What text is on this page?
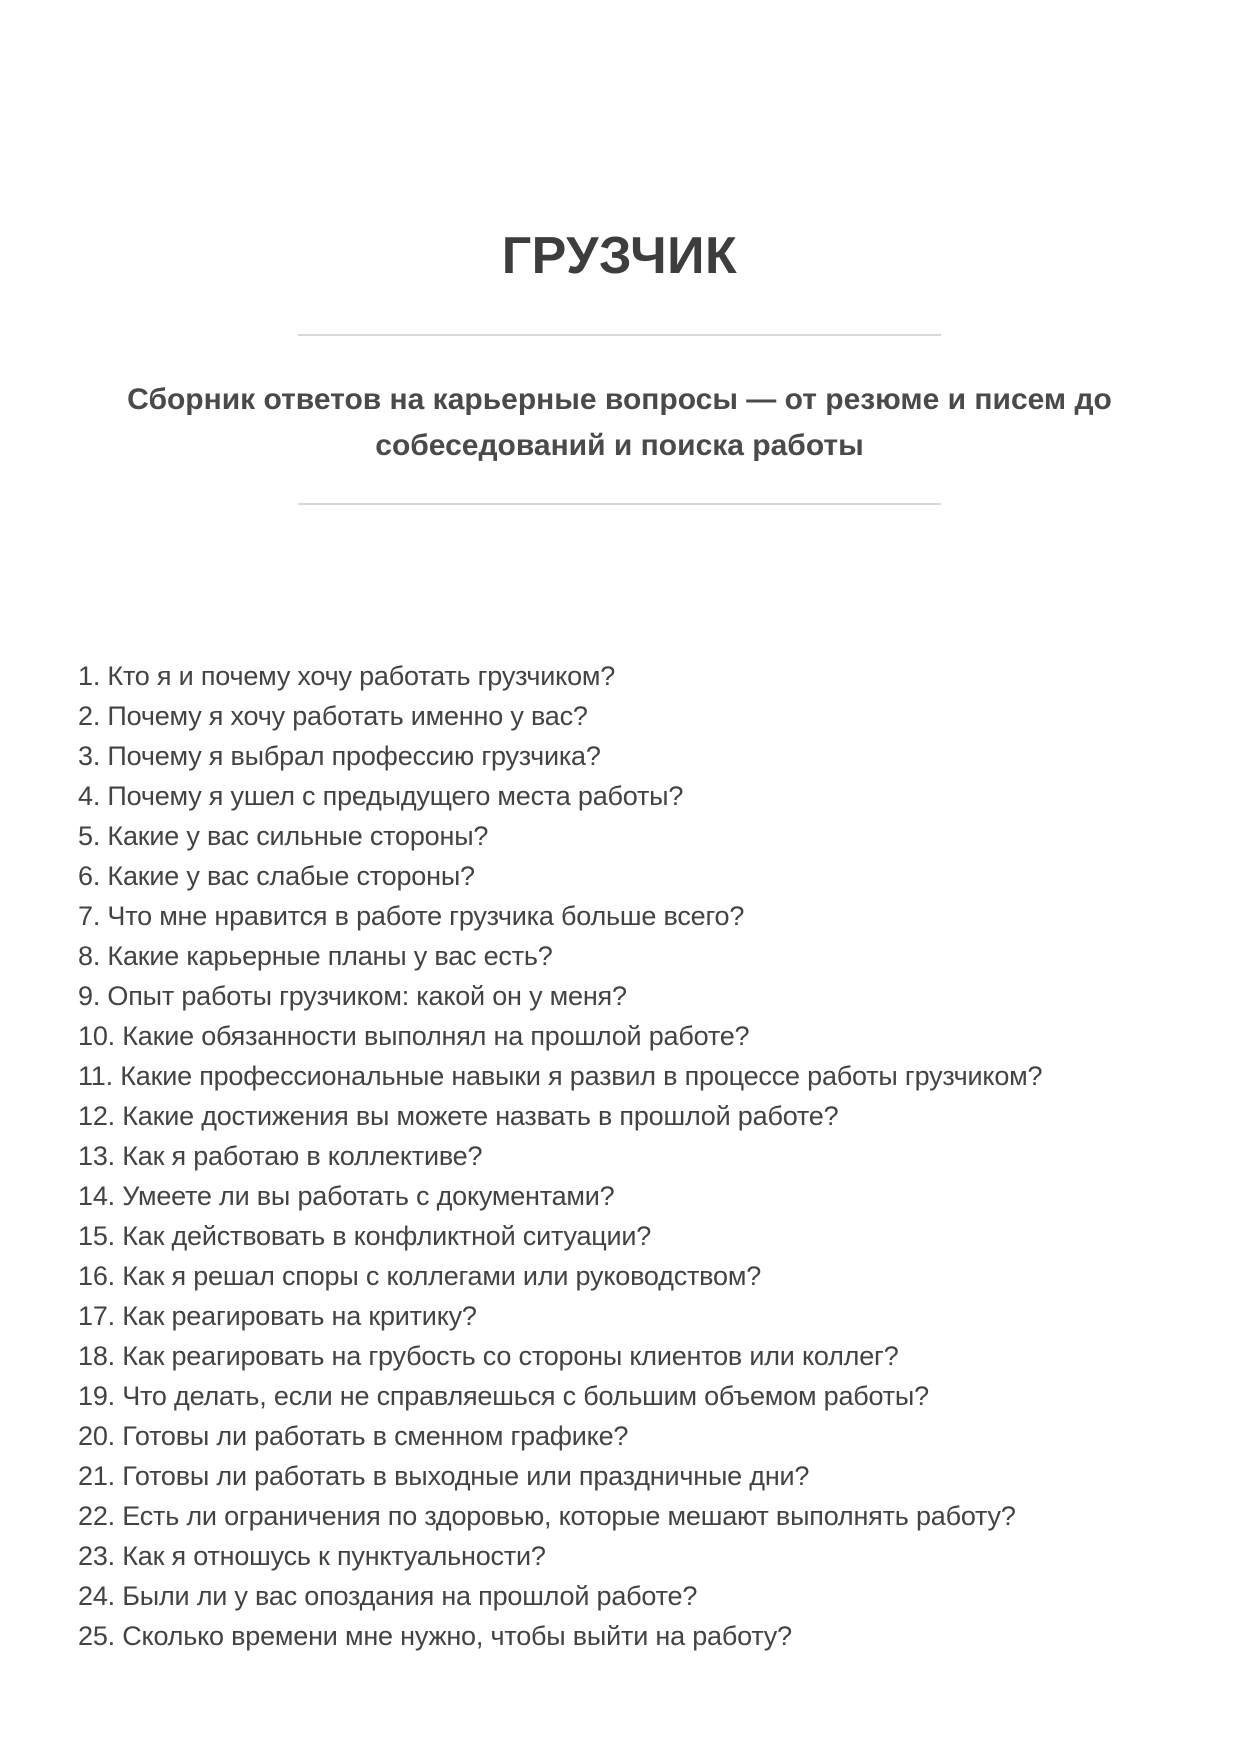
ГРУЗЧИК
Сборник ответов на карьерные вопросы — от резюме и писем до
собеседований и поиска работы
1. Кто я и почему хочу работать грузчиком?
2. Почему я хочу работать именно у вас?
3. Почему я выбрал профессию грузчика?
4. Почему я ушел с предыдущего места работы?
5. Какие у вас сильные стороны?
6. Какие у вас слабые стороны?
7. Что мне нравится в работе грузчика больше всего?
8. Какие карьерные планы у вас есть?
9. Опыт работы грузчиком: какой он у меня?
10. Какие обязанности выполнял на прошлой работе?
11. Какие профессиональные навыки я развил в процессе работы грузчиком?
12. Какие достижения вы можете назвать в прошлой работе?
13. Как я работаю в коллективе?
14. Умеете ли вы работать с документами?
15. Как действовать в конфликтной ситуации?
16. Как я решал споры с коллегами или руководством?
17. Как реагировать на критику?
18. Как реагировать на грубость со стороны клиентов или коллег?
19. Что делать, если не справляешься с большим объемом работы?
20. Готовы ли работать в сменном графике?
21. Готовы ли работать в выходные или праздничные дни?
22. Есть ли ограничения по здоровью, которые мешают выполнять работу?
23. Как я отношусь к пунктуальности?
24. Были ли у вас опоздания на прошлой работе?
25. Сколько времени мне нужно, чтобы выйти на работу?
